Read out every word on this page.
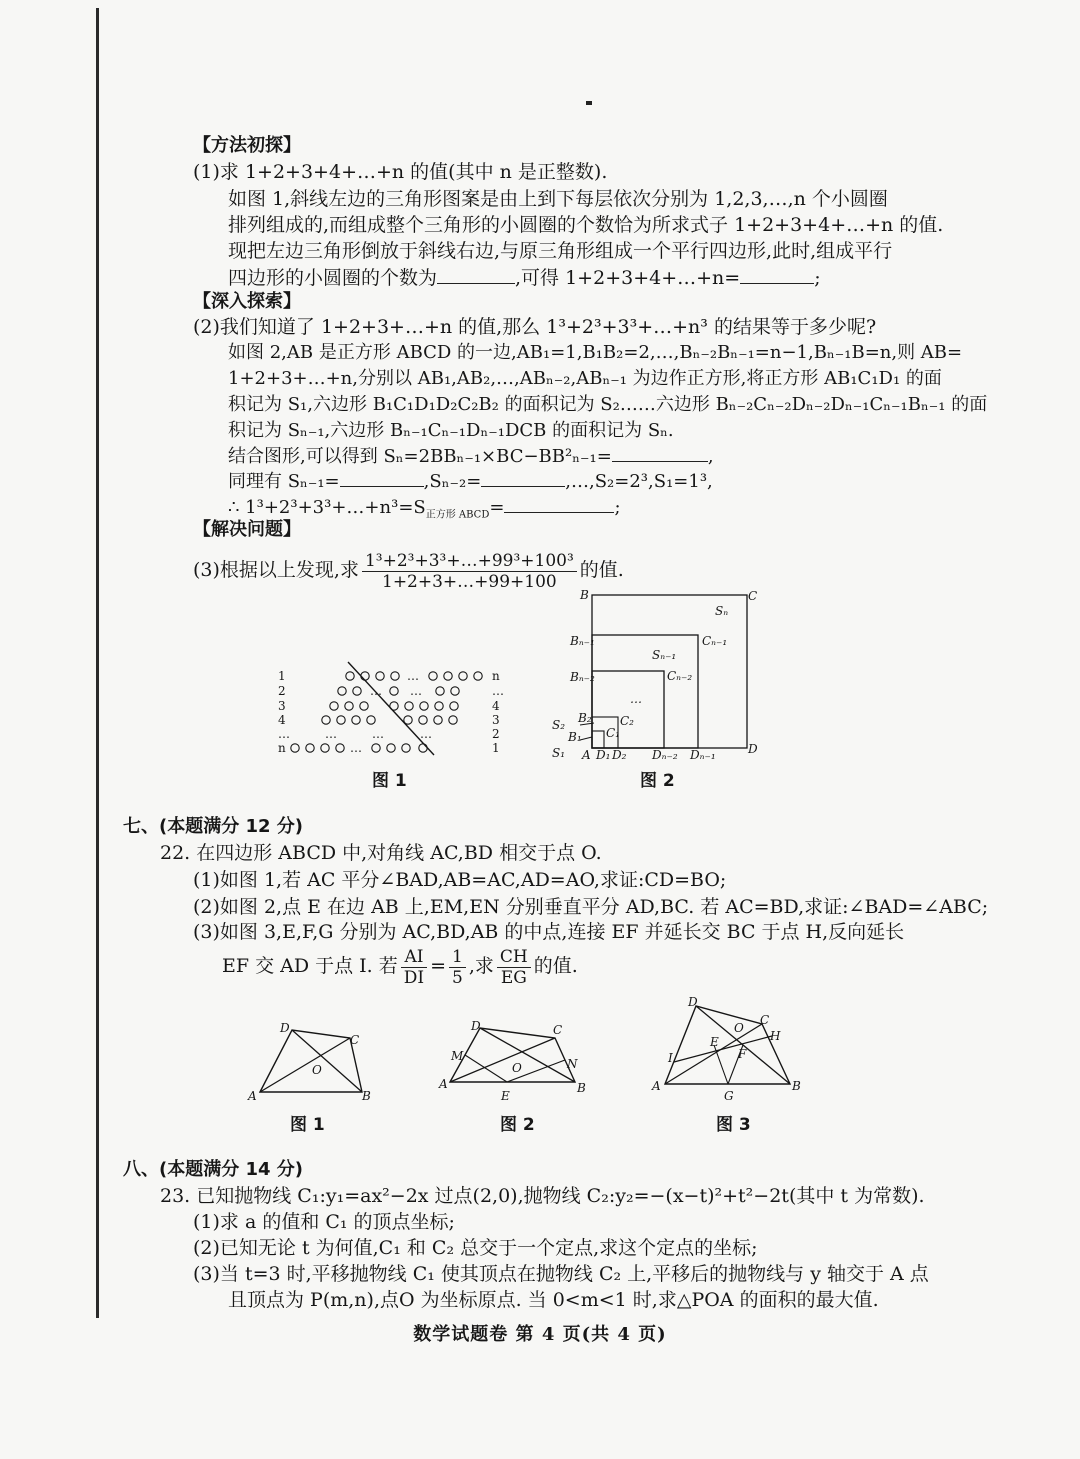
【方法初探】
(1)求 1+2+3+4+…+n 的值(其中 n 是正整数).
如图 1,斜线左边的三角形图案是由上到下每层依次分别为 1,2,3,…,n 个小圆圈
排列组成的,而组成整个三角形的小圆圈的个数恰为所求式子 1+2+3+4+…+n 的值.
现把左边三角形倒放于斜线右边,与原三角形组成一个平行四边形,此时,组成平行
四边形的小圆圈的个数为	,可得 1+2+3+4+…+n=	;
【深入探索】
(2)我们知道了 1+2+3+…+n 的值,那么 1³+2³+3³+…+n³ 的结果等于多少呢?
如图 2,AB 是正方形 ABCD 的一边,AB₁=1,B₁B₂=2,…,Bₙ₋₂Bₙ₋₁=n−1,Bₙ₋₁B=n,则 AB=
1+2+3+…+n,分别以 AB₁,AB₂,…,ABₙ₋₂,ABₙ₋₁ 为边作正方形,将正方形 AB₁C₁D₁ 的面
积记为 S₁,六边形 B₁C₁D₁D₂C₂B₂ 的面积记为 S₂……六边形 Bₙ₋₂Cₙ₋₂Dₙ₋₂Dₙ₋₁Cₙ₋₁Bₙ₋₁ 的面
积记为 Sₙ₋₁,六边形 Bₙ₋₁Cₙ₋₁Dₙ₋₁DCB 的面积记为 Sₙ.
结合图形,可以得到 Sₙ=2BBₙ₋₁×BC−BB²ₙ₋₁=	,
同理有 Sₙ₋₁=	,Sₙ₋₂=	,…,S₂=2³,S₁=1³,
∴ $1^3+2^3+3^3+\dots+n^3=S_{正方形 ABCD}=$	;
【解决问题】
(3)根据以上发现,求 $\frac{\text{1³+2³+3³+…+99³+100³}}{1+2+3+\dots+99+100}$ 的值.
1
2
3
4
…
n
n
…
4
3
2
1
…
… …
…	…	…
…
图 1
B	C
Sₙ
Bₙ₋₁	Cₙ₋₁
Sₙ₋₁
Bₙ₋₂	Cₙ₋₂
…
S₂ B₂ C₂
B₁ C₁
S₁ A D₁ D₂ Dₙ₋₂ Dₙ₋₁	D
图 2
七、(本题满分 12 分)
22. 在四边形 ABCD 中,对角线 AC,BD 相交于点 O.
(1)如图 1,若 AC 平分∠BAD,AB=AC,AD=AO,求证:CD=BO;
(2)如图 2,点 E 在边 AB 上,EM,EN 分别垂直平分 AD,BC. 若 AC=BD,求证:∠BAD=∠ABC;
(3)如图 3,E,F,G 分别为 AC,BD,AB 的中点,连接 EF 并延长交 BC 于点 H,反向延长
EF 交 AD 于点 I. 若 $\frac{AI}{DI} = \frac{1}{5}$ ,求 $\frac{CH}{EG}$ 的值.
D
C
O
A	B
图 1
D	C
M
N
O
A	B
E
图 2
D
O
C
H
E
F
I
A
G
B
图 3
八、(本题满分 14 分)
23. 已知抛物线 C₁:y₁=ax²−2x 过点(2,0),抛物线 C₂:y₂=−(x−t)²+t²−2t(其中 t 为常数).
(1)求 a 的值和 C₁ 的顶点坐标;
(2)已知无论 t 为何值,C₁ 和 C₂ 总交于一个定点,求这个定点的坐标;
(3)当 t=3 时,平移抛物线 C₁ 使其顶点在抛物线 C₂ 上,平移后的抛物线与 y 轴交于 A 点
且顶点为 P(m,n),点O 为坐标原点. 当 0<m<1 时,求△POA 的面积的最大值.
数学试题卷 第 4 页(共 4 页)
